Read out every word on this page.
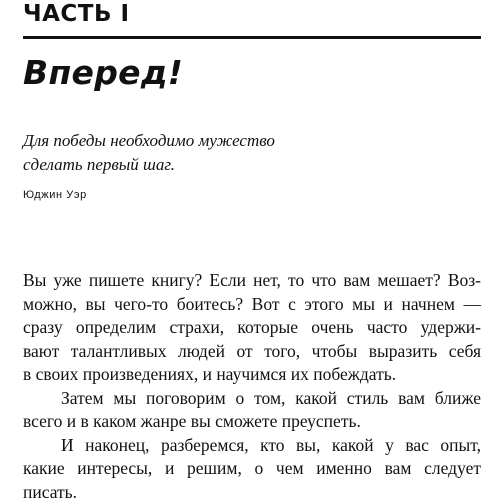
ЧАСТЬ I
Вперед!

Для победы необходимо мужество
сделать первый шаг.

Юджин Уэр
Вы уже пишете книгу? Если нет, то что вам мешает? Воз-
можно, вы чего-то боитесь? Вот с этого мы и начнем —
сразу определим страхи, которые очень часто удержи-
вают талантливых людей от того, чтобы выразить себя
в своих произведениях, и научимся их побеждать.
Затем мы поговорим о том, какой стиль вам ближе
всего и в каком жанре вы сможете преуспеть.
И наконец, разберемся, кто вы, какой у вас опыт,
какие интересы, и решим, о чем именно вам следует
писать.
